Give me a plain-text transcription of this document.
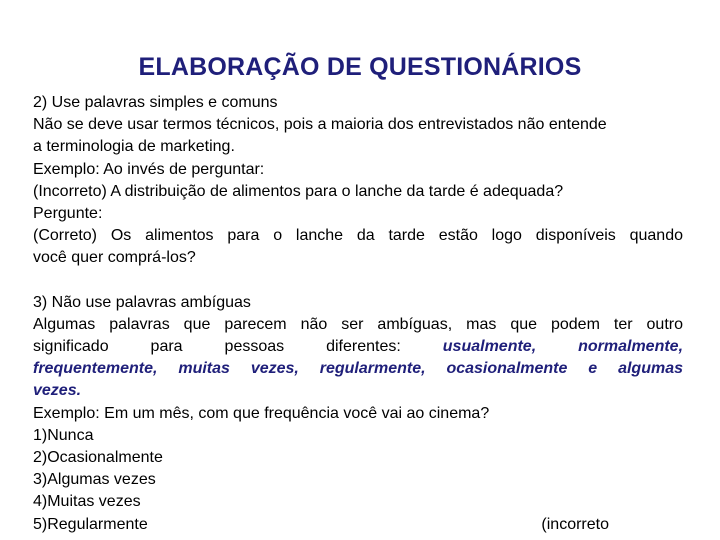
ELABORAÇÃO DE QUESTIONÁRIOS
2) Use palavras simples e comuns
Não se deve usar termos técnicos, pois a maioria dos entrevistados não entende
a terminologia de marketing.
Exemplo: Ao invés de perguntar:
(Incorreto) A distribuição de alimentos para o lanche da tarde é adequada?
Pergunte:
(Correto) Os alimentos para o lanche da tarde estão logo disponíveis quando
você quer comprá-los?
3) Não use palavras ambíguas
Algumas palavras que parecem não ser ambíguas, mas que podem ter outro
significado para pessoas diferentes:	usualmente, normalmente,
frequentemente, muitas vezes, regularmente, ocasionalmente e algumas
vezes.
Exemplo: Em um mês, com que frequência você vai ao cinema?
1)Nunca
2)Ocasionalmente
3)Algumas vezes
4)Muitas vezes
5)Regularmente	(incorreto
